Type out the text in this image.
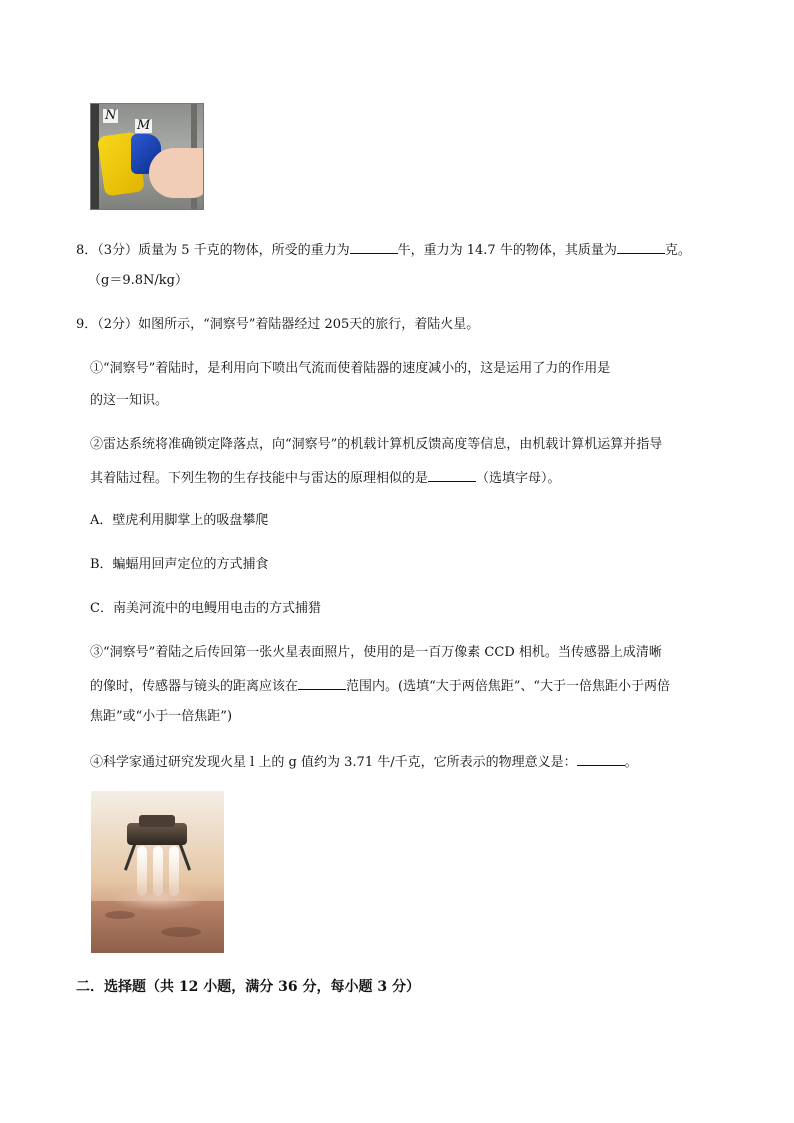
N
M
8．（3分）质量为 5 千克的物体，所受的重力为	牛，重力为 14.7 牛的物体，其质量为	克。
（g＝9.8N/kg）
9．（2分）如图所示，“洞察号”着陆器经过 205天的旅行，着陆火星。
①“洞察号”着陆时，是利用向下喷出气流而使着陆器的速度减小的，这是运用了力的作用是
的这一知识。
②雷达系统将准确锁定降落点，向“洞察号”的机载计算机反馈高度等信息，由机载计算机运算并指导
其着陆过程。下列生物的生存技能中与雷达的原理相似的是	（选填字母）。
A．壁虎利用脚掌上的吸盘攀爬
B．蝙蝠用回声定位的方式捕食
C．南美河流中的电鳗用电击的方式捕猎
③“洞察号”着陆之后传回第一张火星表面照片，使用的是一百万像素 CCD 相机。当传感器上成清晰
的像时，传感器与镜头的距离应该在	范围内。(选填“大于两倍焦距”、“大于一倍焦距小于两倍
焦距”或“小于一倍焦距”)
④科学家通过研究发现火星 l 上的 g 值约为 3.71 牛/千克，它所表示的物理意义是：	。
二．选择题（共 12 小题，满分 36 分，每小题 3 分）
